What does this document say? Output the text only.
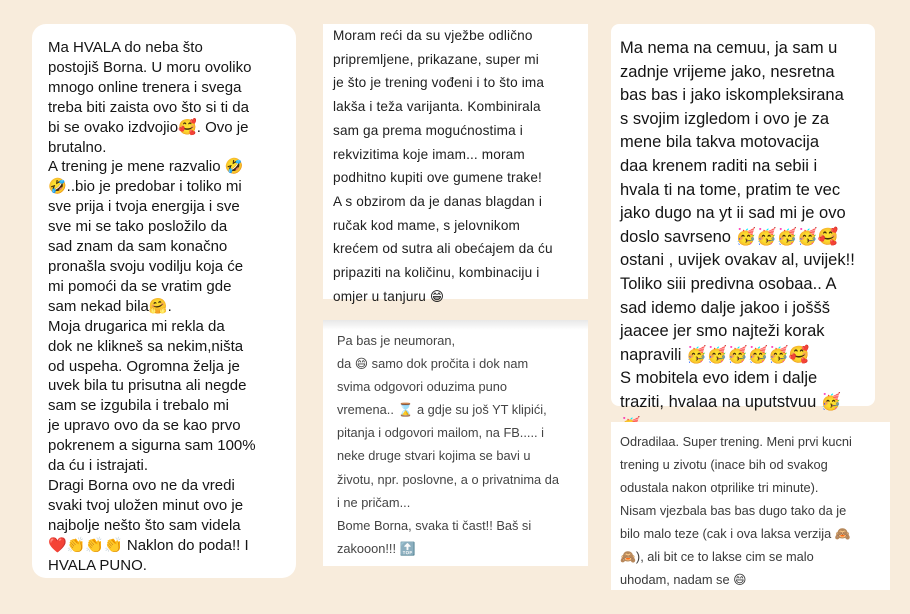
Ma HVALA do neba što
postojiš Borna. U moru ovoliko
mnogo online trenera i svega
treba biti zaista ovo što si ti da
bi se ovako izdvojio🥰. Ovo je
brutalno.
A trening je mene razvalio 🤣
🤣..bio je predobar i toliko mi
sve prija i tvoja energija i sve
sve mi se tako posložilo da
sad znam da sam konačno
pronašla svoju vodilju koja će
mi pomoći da se vratim gde
sam nekad bila🤗.
Moja drugarica mi rekla da
dok ne klikneš sa nekim,ništa
od uspeha. Ogromna želja je
uvek bila tu prisutna ali negde
sam se izgubila i trebalo mi
je upravo ovo da se kao prvo
pokrenem a sigurna sam 100%
da ću i istrajati.
Dragi Borna ovo ne da vredi
svaki tvoj uložen minut ovo je
najbolje nešto što sam videla
❤️👏👏👏 Naklon do poda!! I
HVALA PUNO.

Moram reći da su vježbe odlično
pripremljene, prikazane, super mi
je što je trening vođeni i to što ima
lakša i teža varijanta. Kombinirala
sam ga prema mogućnostima i
rekvizitima koje imam... moram
podhitno kupiti ove gumene trake!
A s obzirom da je danas blagdan i
ručak kod mame, s jelovnikom
krećem od sutra ali obećajem da ću
pripaziti na količinu, kombinaciju i
omjer u tanjuru 😁

Pa bas je neumoran,
da 😄 samo dok pročita i dok nam
svima odgovori oduzima puno
vremena.. ⌛ a gdje su još YT klipići,
pitanja i odgovori mailom, na FB..... i
neke druge stvari kojima se bavi u
životu, npr. poslovne, a o privatnima da
i ne pričam...
Bome Borna, svaka ti čast!! Baš si
zakooon!!! 🔝

Ma nema na cemuu, ja sam u
zadnje vrijeme jako, nesretna
bas bas i jako iskompleksirana
s svojim izgledom i ovo je za
mene bila takva motovacija
daa krenem raditi na sebii i
hvala ti na tome, pratim te vec
jako dugo na yt ii sad mi je ovo
doslo savrseno 🥳🥳🥳🥳🥰
ostani , uvijek ovakav al, uvijek!!
Toliko siii predivna osobaa.. A
sad idemo dalje jakoo i joššš
jaacee jer smo najteži korak
napravili 🥳🥳🥳🥳🥳🥰
S mobitela evo idem i dalje
traziti, hvalaa na uputstvuu 🥳

Odradilaa. Super trening. Meni prvi kucni
trening u zivotu (inace bih od svakog
odustala nakon otprilike tri minute).
Nisam vjezbala bas bas dugo tako da je
bilo malo teze (cak i ova laksa verzija 🙈
🙈), ali bit ce to lakse cim se malo
uhodam, nadam se 😄
